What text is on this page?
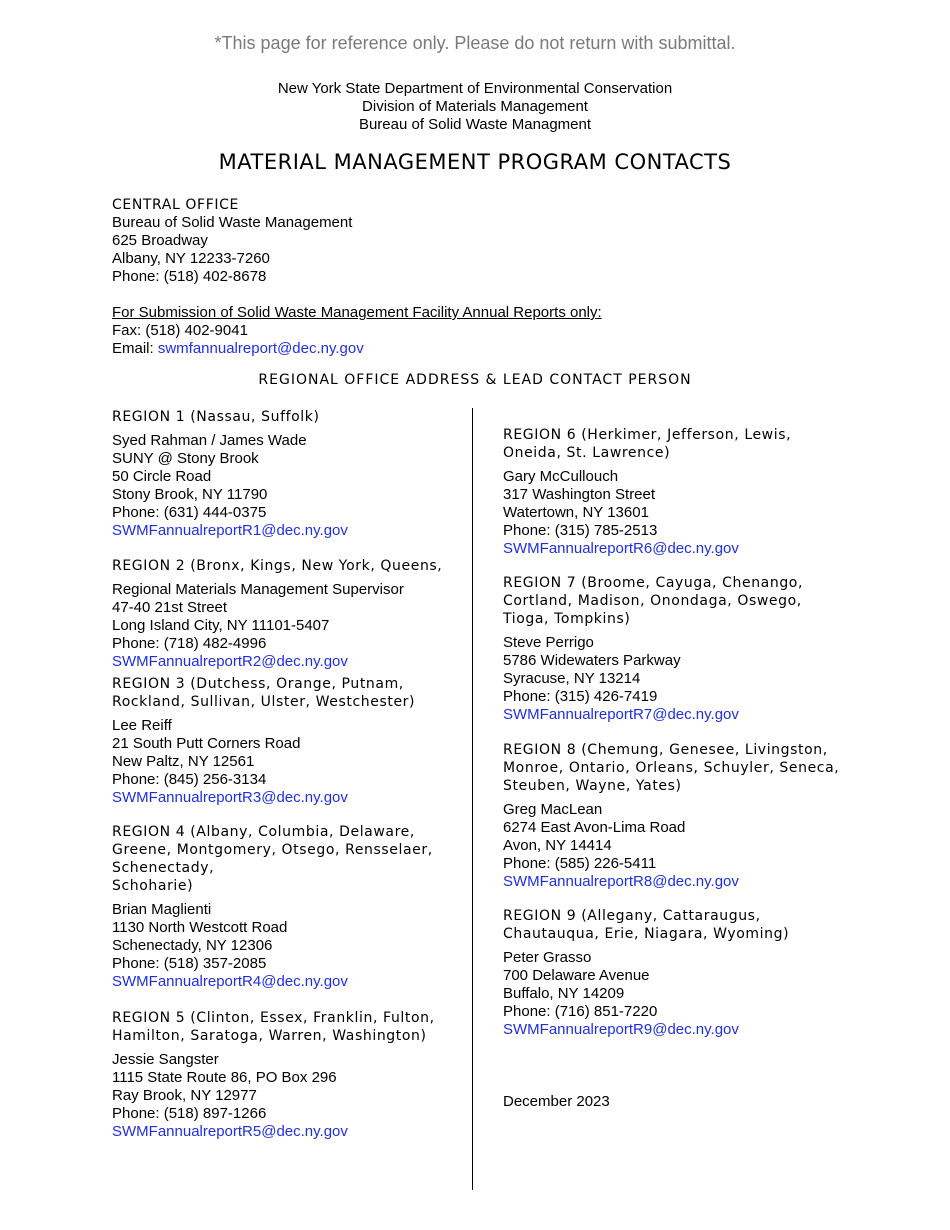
*This page for reference only. Please do not return with submittal.
New York State Department of Environmental Conservation
Division of Materials Management
Bureau of Solid Waste Managment
MATERIAL MANAGEMENT PROGRAM CONTACTS
CENTRAL OFFICE
Bureau of Solid Waste Management
625 Broadway
Albany, NY 12233-7260
Phone: (518) 402-8678
For Submission of Solid Waste Management Facility Annual Reports only:
Fax: (518) 402-9041
Email: swmfannualreport@dec.ny.gov
REGIONAL OFFICE ADDRESS & LEAD CONTACT PERSON
REGION 1 (Nassau, Suffolk)
Syed Rahman / James Wade
SUNY @ Stony Brook
50 Circle Road
Stony Brook, NY 11790
Phone: (631) 444-0375
SWMFannualreportR1@dec.ny.gov
REGION 2 (Bronx, Kings, New York, Queens,
Regional Materials Management Supervisor
47-40 21st Street
Long Island City, NY 11101-5407
Phone: (718) 482-4996
SWMFannualreportR2@dec.ny.gov
REGION 3 (Dutchess, Orange, Putnam, Rockland, Sullivan, Ulster, Westchester)
Lee Reiff
21 South Putt Corners Road
New Paltz, NY 12561
Phone: (845) 256-3134
SWMFannualreportR3@dec.ny.gov
REGION 4 (Albany, Columbia, Delaware, Greene, Montgomery, Otsego, Rensselaer, Schenectady,
Schoharie)
Brian Maglienti
1130 North Westcott Road
Schenectady, NY 12306
Phone: (518) 357-2085
SWMFannualreportR4@dec.ny.gov
REGION 5 (Clinton, Essex, Franklin, Fulton, Hamilton, Saratoga, Warren, Washington)
Jessie Sangster
1115 State Route 86, PO Box 296
Ray Brook, NY 12977
Phone: (518) 897-1266
SWMFannualreportR5@dec.ny.gov
REGION 6 (Herkimer, Jefferson, Lewis, Oneida, St. Lawrence)
Gary McCullouch
317 Washington Street
Watertown, NY 13601
Phone: (315) 785-2513
SWMFannualreportR6@dec.ny.gov
REGION 7 (Broome, Cayuga, Chenango, Cortland, Madison, Onondaga, Oswego, Tioga, Tompkins)
Steve Perrigo
5786 Widewaters Parkway
Syracuse, NY 13214
Phone: (315) 426-7419
SWMFannualreportR7@dec.ny.gov
REGION 8 (Chemung, Genesee, Livingston, Monroe, Ontario, Orleans, Schuyler, Seneca, Steuben, Wayne, Yates)
Greg MacLean
6274 East Avon-Lima Road
Avon, NY 14414
Phone: (585) 226-5411
SWMFannualreportR8@dec.ny.gov
REGION 9 (Allegany, Cattaraugus, Chautauqua, Erie, Niagara, Wyoming)
Peter Grasso
700 Delaware Avenue
Buffalo, NY 14209
Phone: (716) 851-7220
SWMFannualreportR9@dec.ny.gov
December 2023
